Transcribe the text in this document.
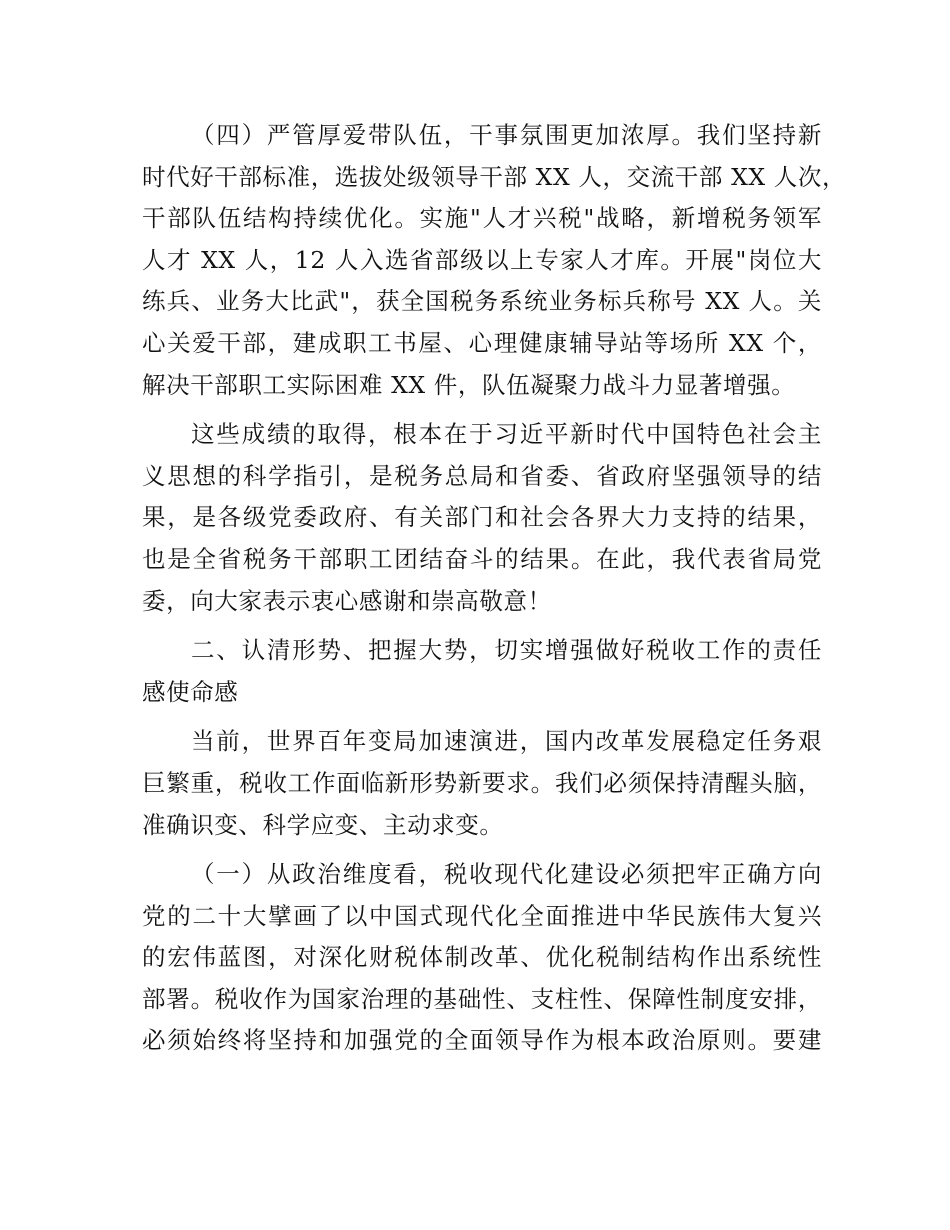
（四）严管厚爱带队伍，干事氛围更加浓厚。我们坚持新
时代好干部标准，选拔处级领导干部 XX 人，交流干部 XX 人次，
干部队伍结构持续优化。实施"人才兴税"战略，新增税务领军
人才 XX 人，12 人入选省部级以上专家人才库。开展"岗位大
练兵、业务大比武"，获全国税务系统业务标兵称号 XX 人。关
心关爱干部，建成职工书屋、心理健康辅导站等场所 XX 个，
解决干部职工实际困难 XX 件，队伍凝聚力战斗力显著增强。
这些成绩的取得，根本在于习近平新时代中国特色社会主
义思想的科学指引，是税务总局和省委、省政府坚强领导的结
果，是各级党委政府、有关部门和社会各界大力支持的结果，
也是全省税务干部职工团结奋斗的结果。在此，我代表省局党
委，向大家表示衷心感谢和崇高敬意！
二、认清形势、把握大势，切实增强做好税收工作的责任
感使命感
当前，世界百年变局加速演进，国内改革发展稳定任务艰
巨繁重，税收工作面临新形势新要求。我们必须保持清醒头脑，
准确识变、科学应变、主动求变。
（一）从政治维度看，税收现代化建设必须把牢正确方向
党的二十大擘画了以中国式现代化全面推进中华民族伟大复兴
的宏伟蓝图，对深化财税体制改革、优化税制结构作出系统性
部署。税收作为国家治理的基础性、支柱性、保障性制度安排，
必须始终将坚持和加强党的全面领导作为根本政治原则。要建
